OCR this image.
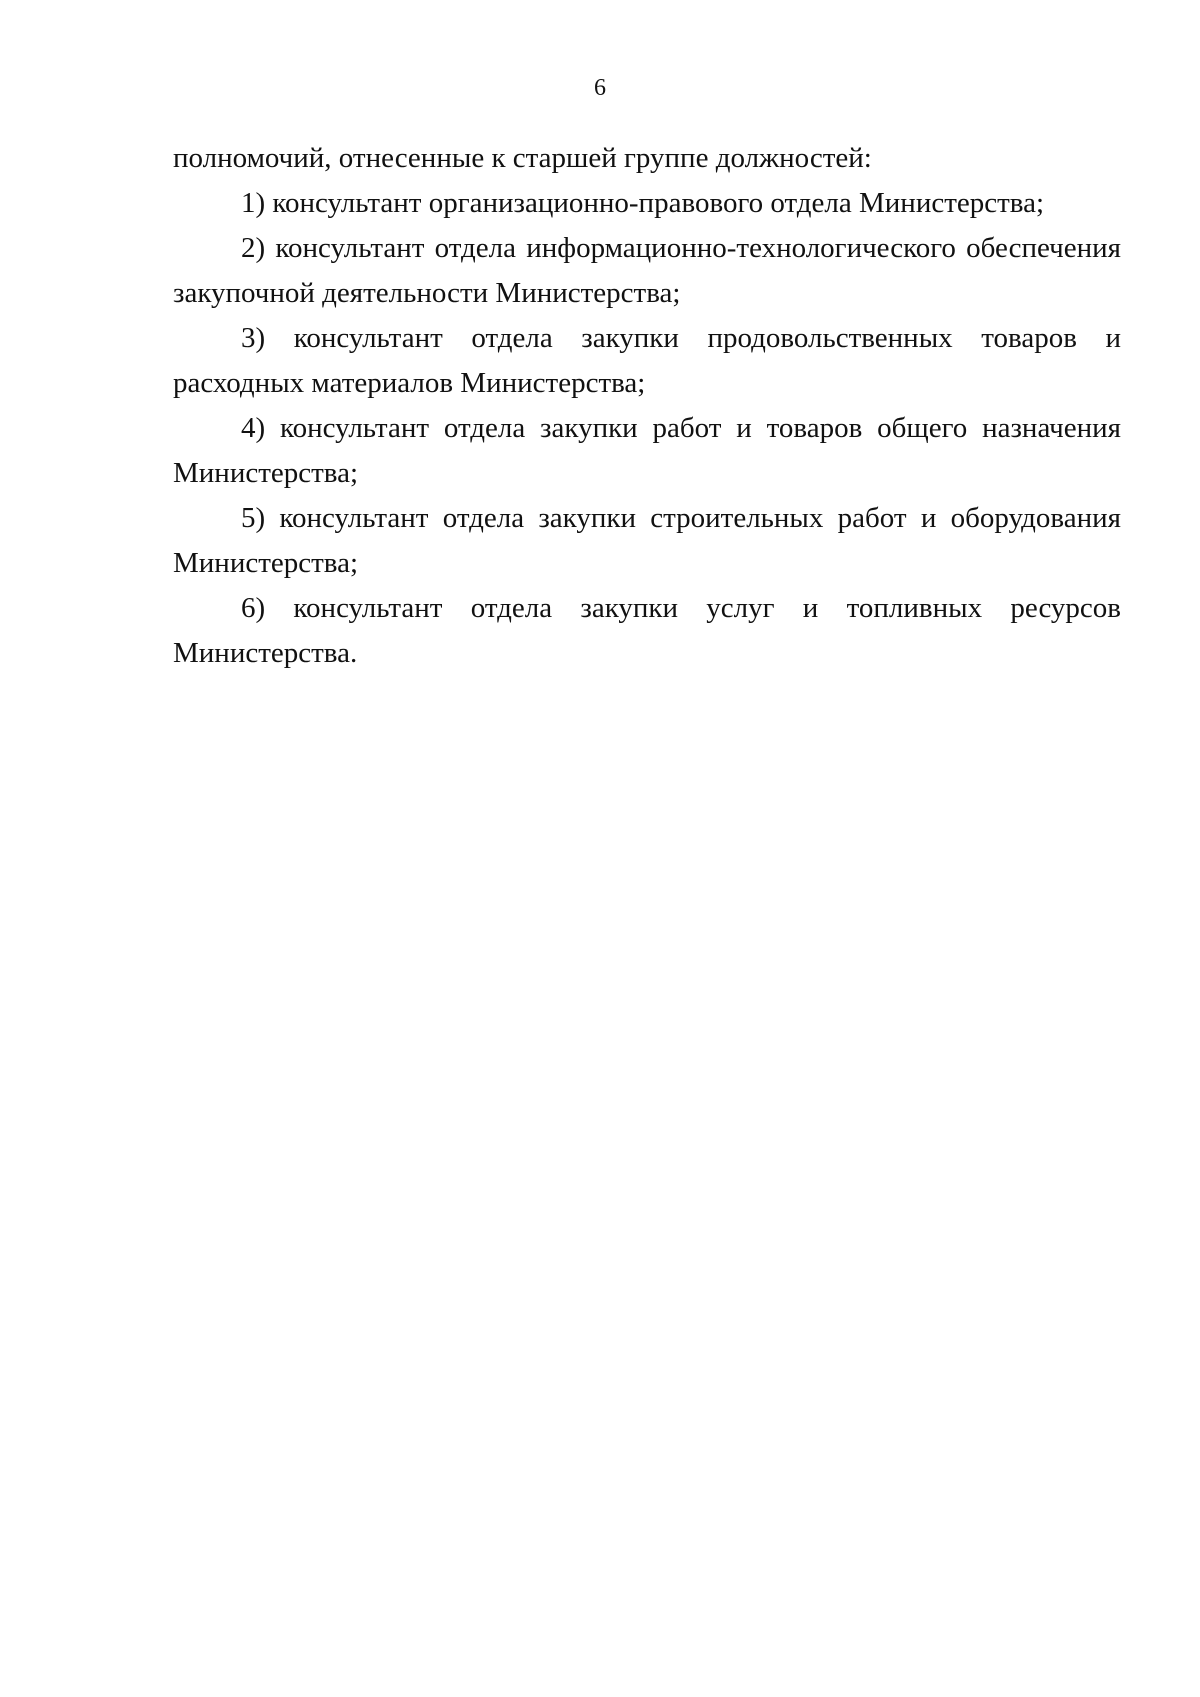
6

полномочий, отнесенные к старшей группе должностей:

1) консультант организационно-правового отдела Министерства;

2) консультант отдела информационно-технологического обеспечения закупочной деятельности Министерства;

3) консультант отдела закупки продовольственных товаров и расходных материалов Министерства;

4) консультант отдела закупки работ и товаров общего назначения Министерства;

5) консультант отдела закупки строительных работ и оборудования Министерства;

6) консультант отдела закупки услуг и топливных ресурсов Министерства.
